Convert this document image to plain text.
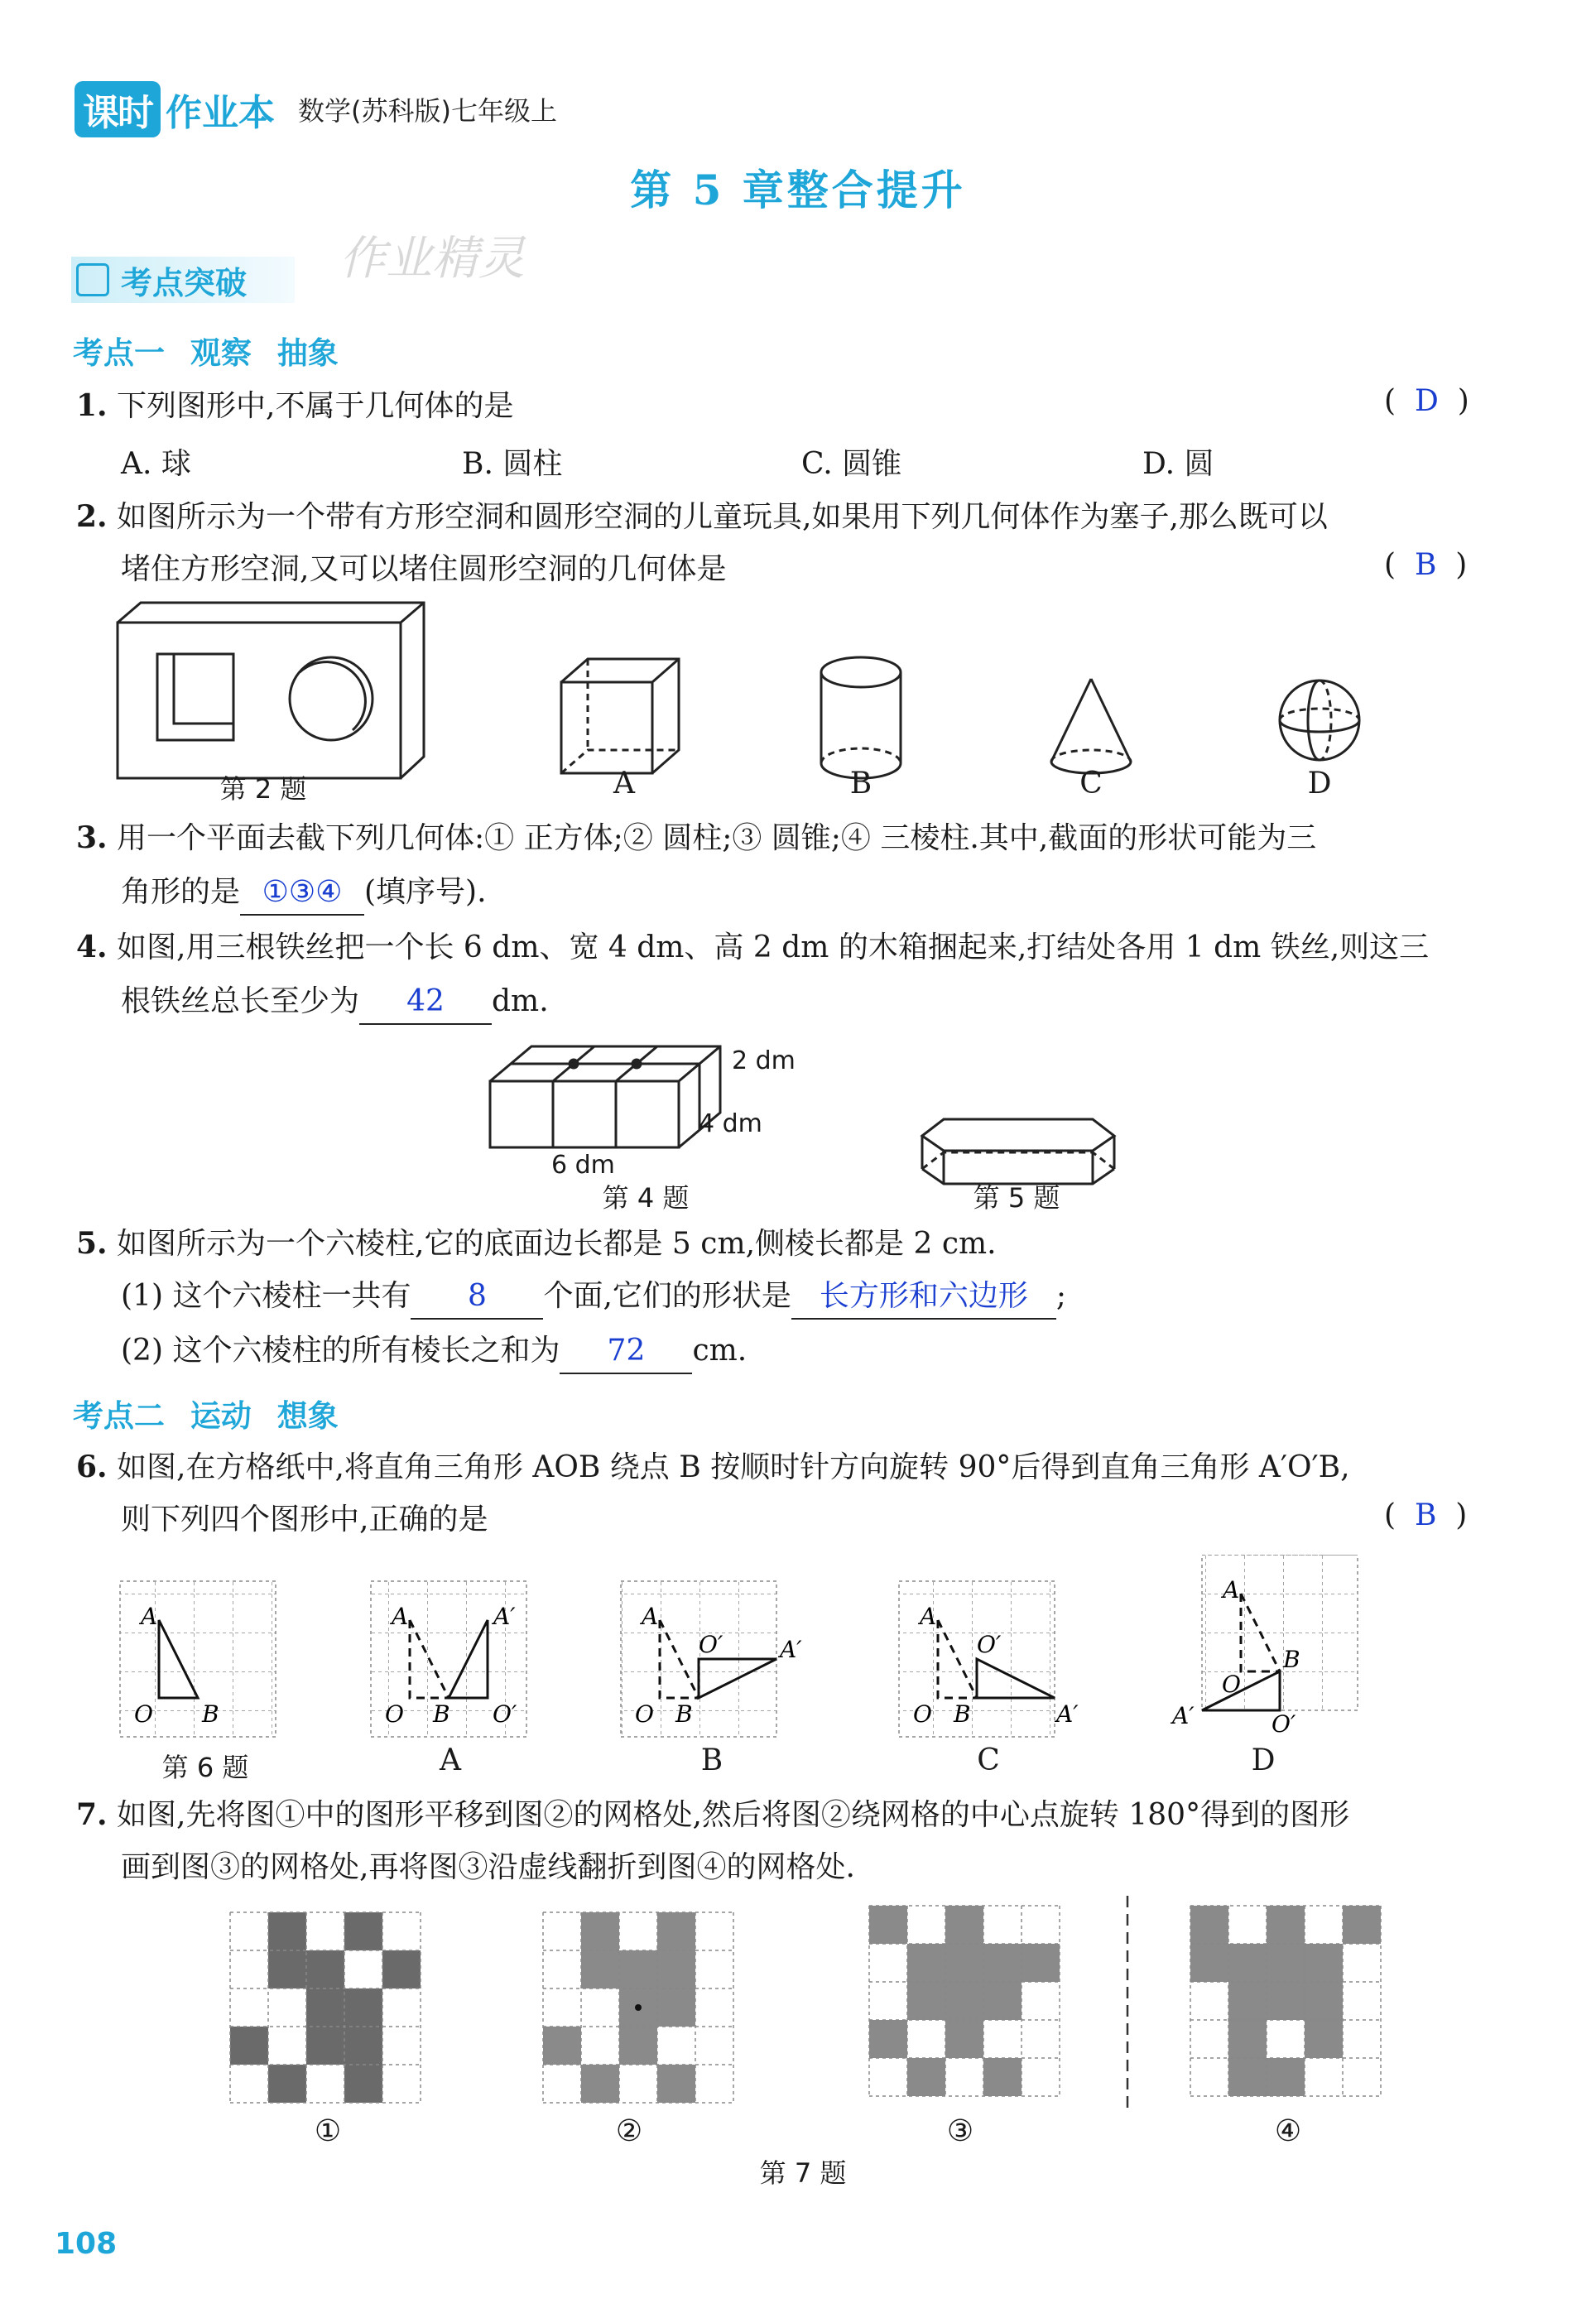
课时 作业本 数学(苏科版)七年级上
第 5 章整合提升
作业精灵
考点突破
考点一 观察 抽象
1. 下列图形中,不属于几何体的是	(  D  )
A. 球	B. 圆柱	C. 圆锥	D. 圆
2. 如图所示为一个带有方形空洞和圆形空洞的儿童玩具,如果用下列几何体作为塞子,那么既可以
堵住方形空洞,又可以堵住圆形空洞的几何体是	(  B  )
第 2 题	A	B	C	D
3. 用一个平面去截下列几何体:① 正方体;② 圆柱;③ 圆锥;④ 三棱柱.其中,截面的形状可能为三
角形的是 ①③④ (填序号).
4. 如图,用三根铁丝把一个长 6 dm、宽 4 dm、高 2 dm 的木箱捆起来,打结处各用 1 dm 铁丝,则这三
根铁丝总长至少为 42 dm.
2 dm
4 dm
6 dm
第 4 题	第 5 题
5. 如图所示为一个六棱柱,它的底面边长都是 5 cm,侧棱长都是 2 cm.
(1) 这个六棱柱一共有 8 个面,它们的形状是 长方形和六边形 ;
(2) 这个六棱柱的所有棱长之和为 72 cm.
考点二 运动 想象
6. 如图,在方格纸中,将直角三角形 AOB 绕点 B 按顺时针方向旋转 90°后得到直角三角形 A′O′B,
则下列四个图形中,正确的是	(  B  )
A
O B
A	A′
O B O′
A
O′ A′
O B
A
O′
A′
O B
A
B
O
A′	O′
第 6 题	A	B	C	D
7. 如图,先将图①中的图形平移到图②的网格处,然后将图②绕网格的中心点旋转 180°得到的图形
画到图③的网格处,再将图③沿虚线翻折到图④的网格处.
①	②	③	④
第 7 题
108
